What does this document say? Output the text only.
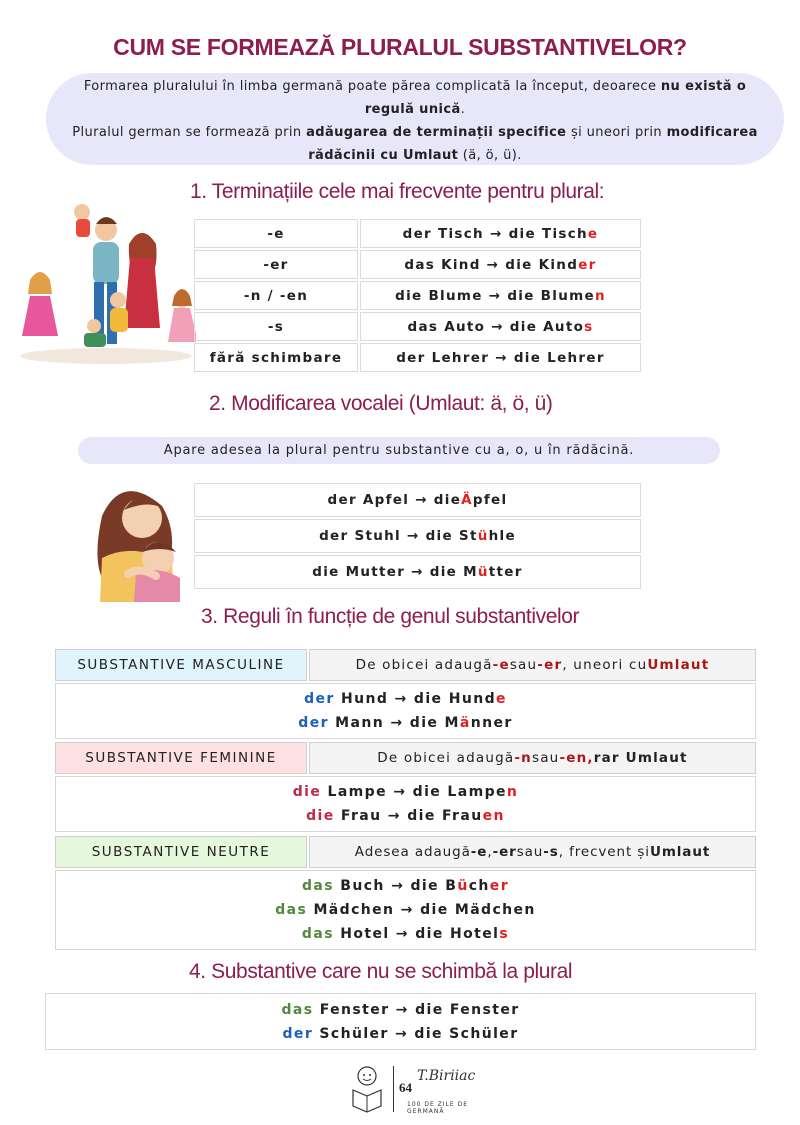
CUM SE FORMEAZĂ PLURALUL SUBSTANTIVELOR?
Formarea pluralului în limba germană poate părea complicată la început, deoarece nu există o
regulă unică.
Pluralul german se formează prin adăugarea de terminații specifice și uneori prin modificarea
rădăcinii cu Umlaut (ä, ö, ü).
1. Terminațiile cele mai frecvente pentru plural:
-e	der Tisch → die Tisch e
-er	das Kind → die Kind er
-n / -en	die Blume → die Blume n
-s	das Auto → die Auto s
fără schimbare	der Lehrer → die Lehrer
2. Modificarea vocalei (Umlaut: ä, ö, ü)
Apare adesea la plural pentru substantive cu a, o, u în rădăcină.
der Apfel → die Ä pfel
der Stuhl → die St ü hle
die Mutter → die M ü tter
3. Reguli în funcție de genul substantivelor
SUBSTANTIVE MASCULINE	De obicei adaugă -e sau -er , uneori cu Umlaut
der Hund → die Hunde
der Mann → die Männer
SUBSTANTIVE FEMININE	De obicei adaugă -n sau -en, rar Umlaut
die Lampe → die Lampen
die Frau → die Frauen
SUBSTANTIVE NEUTRE	Adesea adaugă -e , -er sau -s , frecvent și Umlaut
das Buch → die Bücher
das Mädchen → die Mädchen
das Hotel → die Hotels
4. Substantive care nu se schimbă la plural
das Fenster → die Fenster
der Schüler → die Schüler
64
T.Biriiac
100 DE ZILE DE GERMANĂ
